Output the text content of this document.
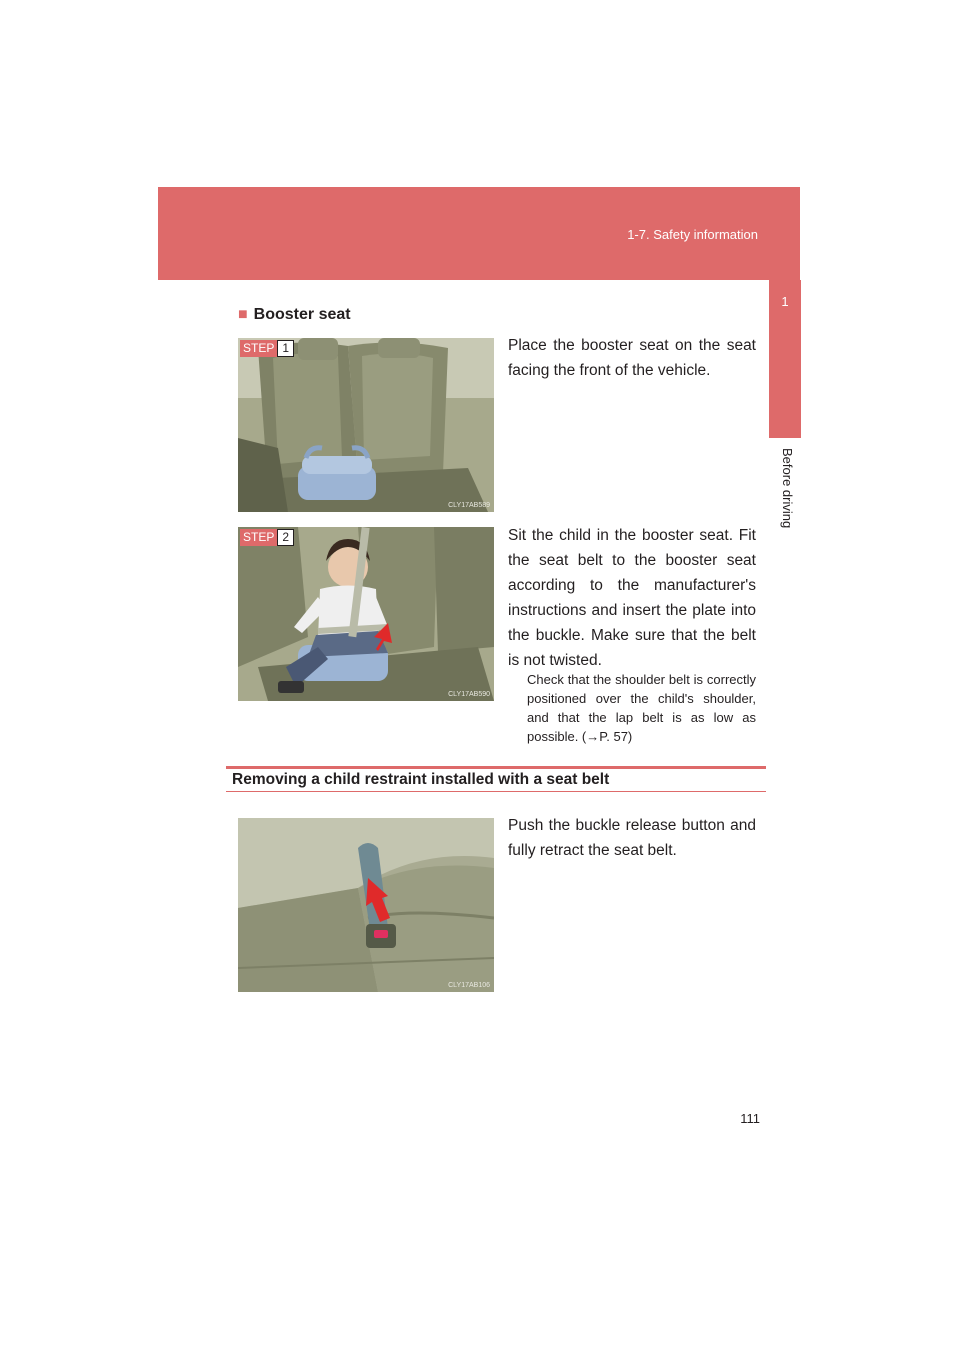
1-7. Safety information
1
Before driving
■ Booster seat
STEP 1
CLY17AB589
Place the booster seat on the seat facing the front of the vehicle.
STEP 2
CLY17AB590
Sit the child in the booster seat. Fit the seat belt to the booster seat according to the manufacturer's instructions and insert the plate into the buckle. Make sure that the belt is not twisted.
Check that the shoulder belt is correctly positioned over the child's shoulder, and that the lap belt is as low as possible. (→P. 57)
Removing a child restraint installed with a seat belt
CLY17AB106
Push the buckle release button and fully retract the seat belt.
111
